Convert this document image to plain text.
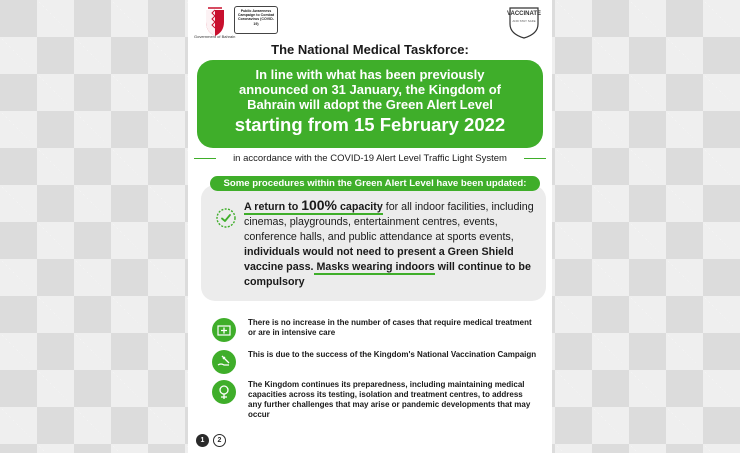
Government of Bahrain
Public Awareness Campaign to Combat Coronavirus (COVID-19)
VACCINATE
AND STAY SAFE
The National Medical Taskforce:
In line with what has been previously
announced on 31 January, the Kingdom of
Bahrain will adopt the Green Alert Level
starting from 15 February 2022
in accordance with the COVID-19 Alert Level Traffic Light System
Some procedures within the Green Alert Level have been updated:
A return to 100% capacity for all indoor facilities, including cinemas, playgrounds, entertainment centres, events, conference halls, and public attendance at sports events, individuals would not need to present a Green Shield vaccine pass. Masks wearing indoors will continue to be compulsory
There is no increase in the number of cases that require medical treatment or are in intensive care
This is due to the success of the Kingdom's National Vaccination Campaign
The Kingdom continues its preparedness, including maintaining medical capacities across its testing, isolation and treatment centres, to address any further challenges that may arise or pandemic developments that may occur
1	2
